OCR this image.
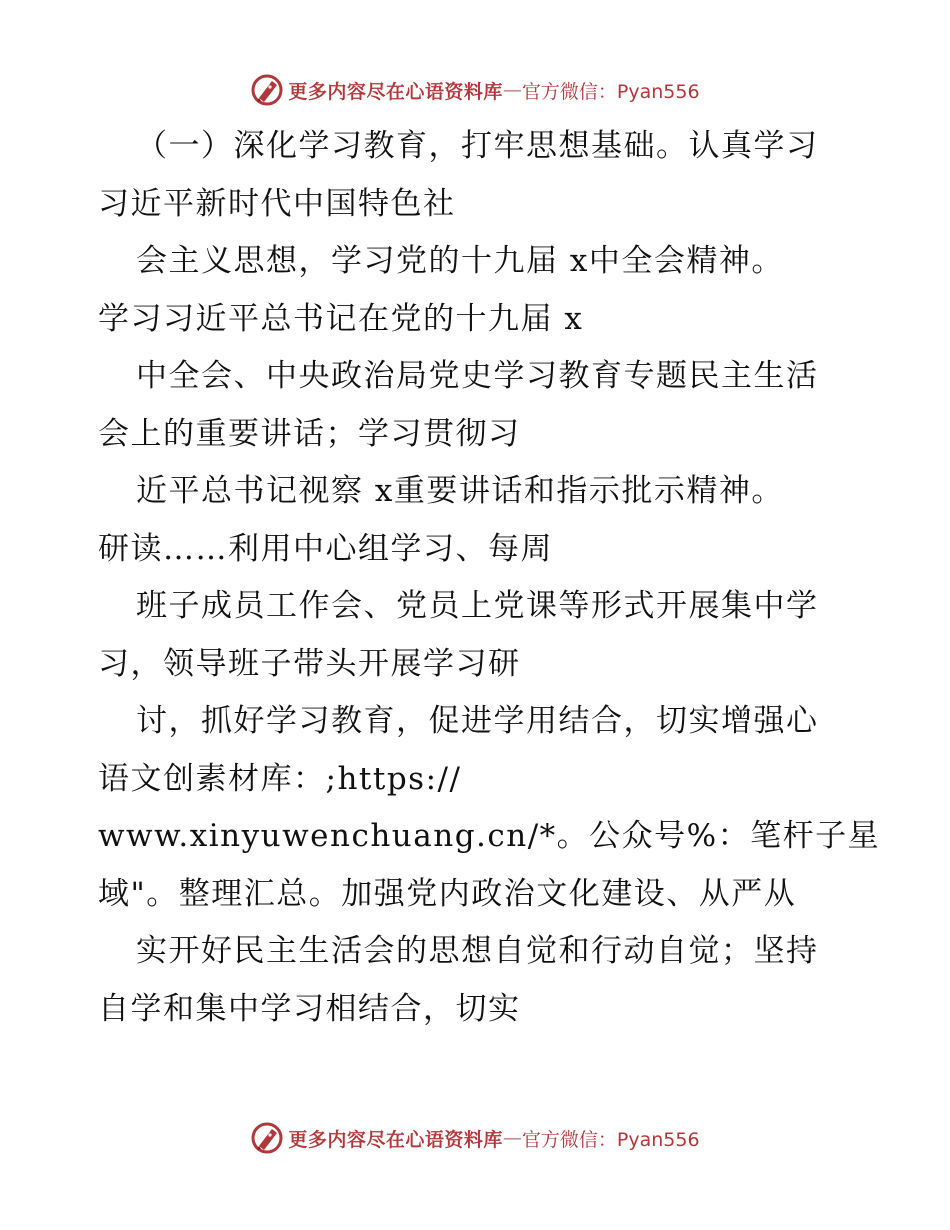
更多内容尽在心语资料库 — 官方微信：Pyan556
（一）深化学习教育，打牢思想基础。认真学习
习近平新时代中国特色社
会主义思想，学习党的十九届 x中全会精神。
学习习近平总书记在党的十九届 x
中全会、中央政治局党史学习教育专题民主生活
会上的重要讲话；学习贯彻习
近平总书记视察 x重要讲话和指示批示精神。
研读……利用中心组学习、每周
班子成员工作会、党员上党课等形式开展集中学
习，领导班子带头开展学习研
讨，抓好学习教育，促进学用结合，切实增强心
语文创素材库：;https://
www.xinyuwenchuang.cn/*。公众号%：笔杆子星
域"。整理汇总。加强党内政治文化建设、从严从
实开好民主生活会的思想自觉和行动自觉；坚持
自学和集中学习相结合，切实
更多内容尽在心语资料库 — 官方微信：Pyan556
